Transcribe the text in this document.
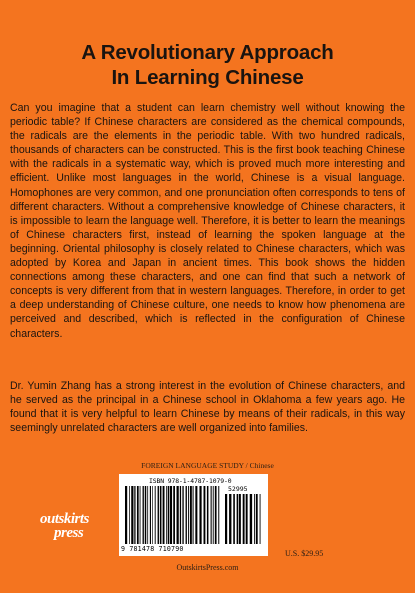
A Revolutionary Approach
In Learning Chinese

Can you imagine that a student can learn chemistry well without knowing the periodic table? If Chinese characters are considered as the chemical compounds, the radicals are the elements in the periodic table. With two hundred radicals, thousands of characters can be constructed. This is the first book teaching Chinese with the radicals in a systematic way, which is proved much more interesting and efficient. Unlike most languages in the world, Chinese is a visual language. Homophones are very common, and one pronunciation often corresponds to tens of different characters. Without a comprehensive knowledge of Chinese characters, it is impossible to learn the language well. Therefore, it is better to learn the meanings of Chinese characters first, instead of learning the spoken language at the beginning. Oriental philosophy is closely related to Chinese characters, which was adopted by Korea and Japan in ancient times. This book shows the hidden connections among these characters, and one can find that such a network of concepts is very different from that in western languages. Therefore, in order to get a deep understanding of Chinese culture, one needs to know how phenomena are perceived and described, which is reflected in the configuration of Chinese characters.

Dr. Yumin Zhang has a strong interest in the evolution of Chinese characters, and he served as the principal in a Chinese school in Oklahoma a few years ago. He found that it is very helpful to learn Chinese by means of their radicals, in this way seemingly unrelated characters are well organized into families.

FOREIGN LANGUAGE STUDY / Chinese
outskirts
press
ISBN 978-1-4787-1079-0
52995
9 781478 710790	U.S. $29.95
OutskirtsPress.com
